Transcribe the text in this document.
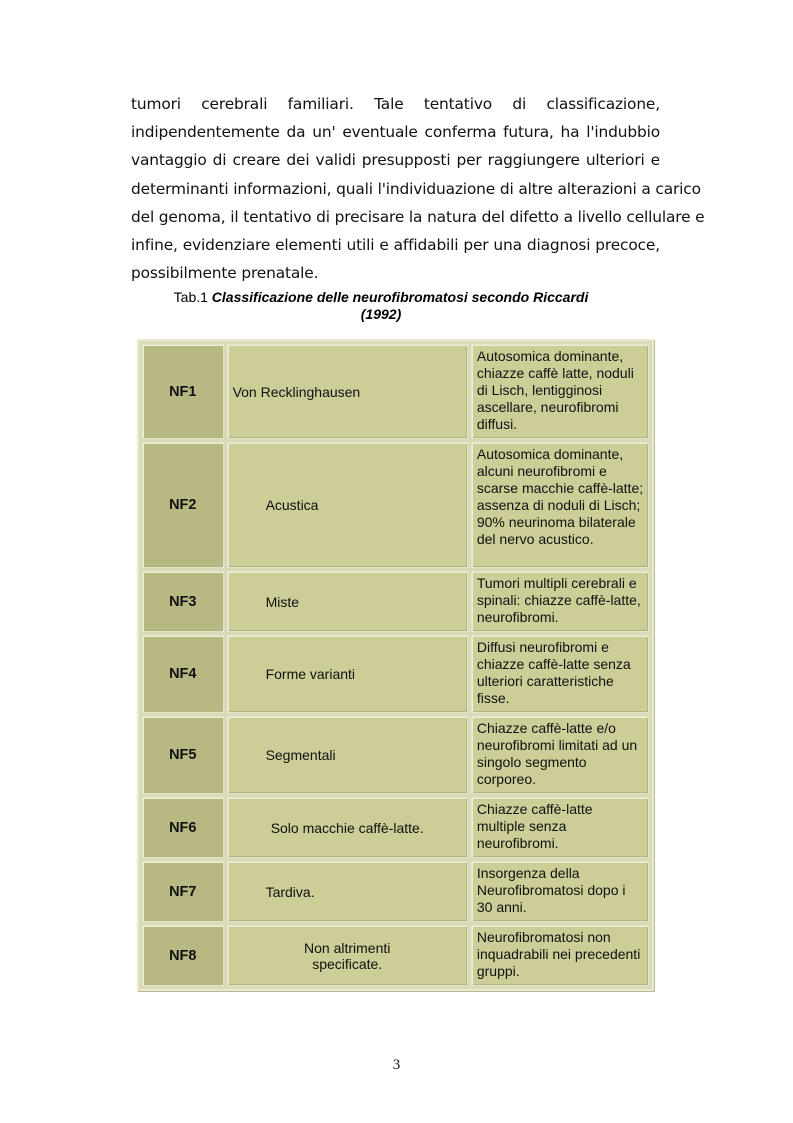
tumori cerebrali familiari. Tale tentativo di classificazione,
indipendentemente da un' eventuale conferma futura, ha l'indubbio
vantaggio di creare dei validi presupposti per raggiungere ulteriori e
determinanti informazioni, quali l'individuazione di altre alterazioni a carico
del genoma, il tentativo di precisare la natura del difetto a livello cellulare e
infine, evidenziare elementi utili e affidabili per una diagnosi precoce,
possibilmente prenatale.

Tab.1 Classificazione delle neurofibromatosi secondo Riccardi
(1992)
NF1	Von Recklinghausen	Autosomica dominante, chiazze caffè latte, noduli di Lisch, lentigginosi ascellare, neurofibromi diffusi.
NF2	Acustica	Autosomica dominante, alcuni neurofibromi e scarse macchie caffè-latte; assenza di noduli di Lisch; 90% neurinoma bilaterale del nervo acustico.
NF3	Miste	Tumori multipli cerebrali e spinali: chiazze caffè-latte, neurofibromi.
NF4	Forme varianti	Diffusi neurofibromi e chiazze caffè-latte senza ulteriori caratteristiche fisse.
NF5	Segmentali	Chiazze caffè-latte e/o neurofibromi limitati ad un singolo segmento corporeo.
NF6	Solo macchie caffè-latte.	Chiazze caffè-latte multiple senza neurofibromi.
NF7	Tardiva.	Insorgenza della Neurofibromatosi dopo i 30 anni.
NF8	Non altrimenti specificate.	Neurofibromatosi non inquadrabili nei precedenti gruppi.
3
